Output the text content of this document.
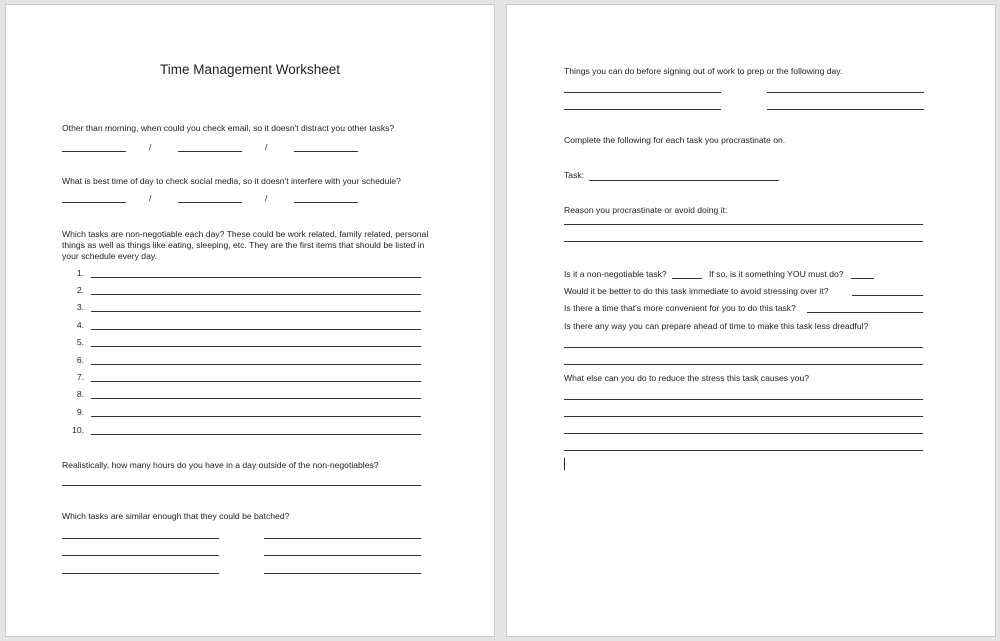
Time Management Worksheet

Other than morning, when could you check email, so it doesn't distract you other tasks?

/	/

What is best time of day to check social media, so it doesn't interfere with your schedule?

/	/

Which tasks are non-negotiable each day? These could be work related, family related, personal things as well as things like eating, sleeping, etc. They are the first items that should be listed in your schedule every day.

1.
2.
3.
4.
5.
6.
7.
8.
9.
10.

Realistically, how many hours do you have in a day outside of the non-negotiables?

Which tasks are similar enough that they could be batched?

Things you can do before signing out of work to prep or the following day.

Complete the following for each task you procrastinate on.

Task:

Reason you procrastinate or avoid doing it:

Is it a non-negotiable task?	If so, is it something YOU must do?

Would it be better to do this task immediate to avoid stressing over it?

Is there a time that's more convenient for you to do this task?

Is there any way you can prepare ahead of time to make this task less dreadful?

What else can you do to reduce the stress this task causes you?
